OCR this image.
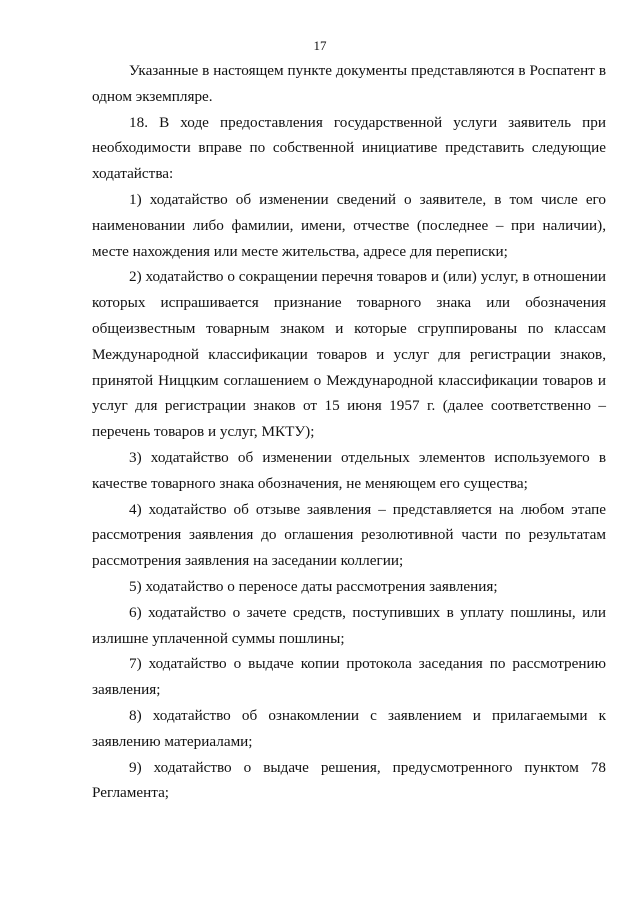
17

Указанные в настоящем пункте документы представляются в Роспатент в одном экземпляре.

18. В ходе предоставления государственной услуги заявитель при необходимости вправе по собственной инициативе представить следующие ходатайства:

1) ходатайство об изменении сведений о заявителе, в том числе его наименовании либо фамилии, имени, отчестве (последнее – при наличии), месте нахождения или месте жительства, адресе для переписки;

2) ходатайство о сокращении перечня товаров и (или) услуг, в отношении которых испрашивается признание товарного знака или обозначения общеизвестным товарным знаком и которые сгруппированы по классам Международной классификации товаров и услуг для регистрации знаков, принятой Ниццким соглашением о Международной классификации товаров и услуг для регистрации знаков от 15 июня 1957 г. (далее соответственно – перечень товаров и услуг, МКТУ);

3) ходатайство об изменении отдельных элементов используемого в качестве товарного знака обозначения, не меняющем его существа;

4) ходатайство об отзыве заявления – представляется на любом этапе рассмотрения заявления до оглашения резолютивной части по результатам рассмотрения заявления на заседании коллегии;

5) ходатайство о переносе даты рассмотрения заявления;

6) ходатайство о зачете средств, поступивших в уплату пошлины, или излишне уплаченной суммы пошлины;

7) ходатайство о выдаче копии протокола заседания по рассмотрению заявления;

8) ходатайство об ознакомлении с заявлением и прилагаемыми к заявлению материалами;

9) ходатайство о выдаче решения, предусмотренного пунктом 78 Регламента;
